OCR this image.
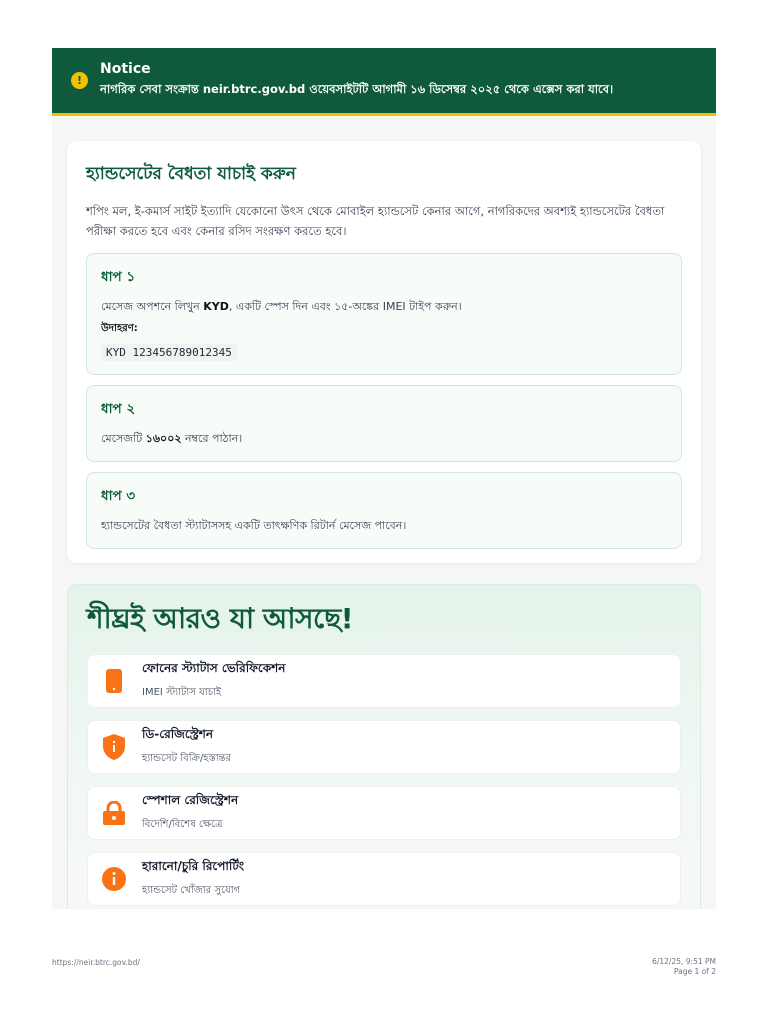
!
Notice
নাগরিক সেবা সংক্রান্ত neir.btrc.gov.bd ওয়েবসাইটটি আগামী ১৬ ডিসেম্বর ২০২৫ থেকে এক্সেস করা যাবে।
হ্যান্ডসেটের বৈধতা যাচাই করুন
শপিং মল, ই-কমার্স সাইট ইত্যাদি যেকোনো উৎস থেকে মোবাইল হ্যান্ডসেট কেনার আগে, নাগরিকদের অবশ্যই হ্যান্ডসেটের বৈধতা পরীক্ষা করতে হবে এবং কেনার রসিদ সংরক্ষণ করতে হবে।
ধাপ ১
মেসেজ অপশনে লিখুন KYD, একটি স্পেস দিন এবং ১৫-অঙ্কের IMEI টাইপ করুন।
উদাহরণ:
KYD 123456789012345
ধাপ ২
মেসেজটি ১৬০০২ নম্বরে পাঠান।
ধাপ ৩
হ্যান্ডসেটের বৈধতা স্ট্যাটাসসহ একটি তাৎক্ষণিক রিটার্ন মেসেজ পাবেন।
শীঘ্রই আরও যা আসছে!
ফোনের স্ট্যাটাস ভেরিফিকেশন
IMEI স্ট্যাটাস যাচাই
ডি-রেজিস্ট্রেশন
হ্যান্ডসেট বিক্রি/হস্তান্তর
স্পেশাল রেজিস্ট্রেশন
বিদেশি/বিশেষ ক্ষেত্রে
হারানো/চুরি রিপোর্টিং
হ্যান্ডসেট খোঁজার সুযোগ
https://neir.btrc.gov.bd/	6/12/25, 9:51 PM
Page 1 of 2
